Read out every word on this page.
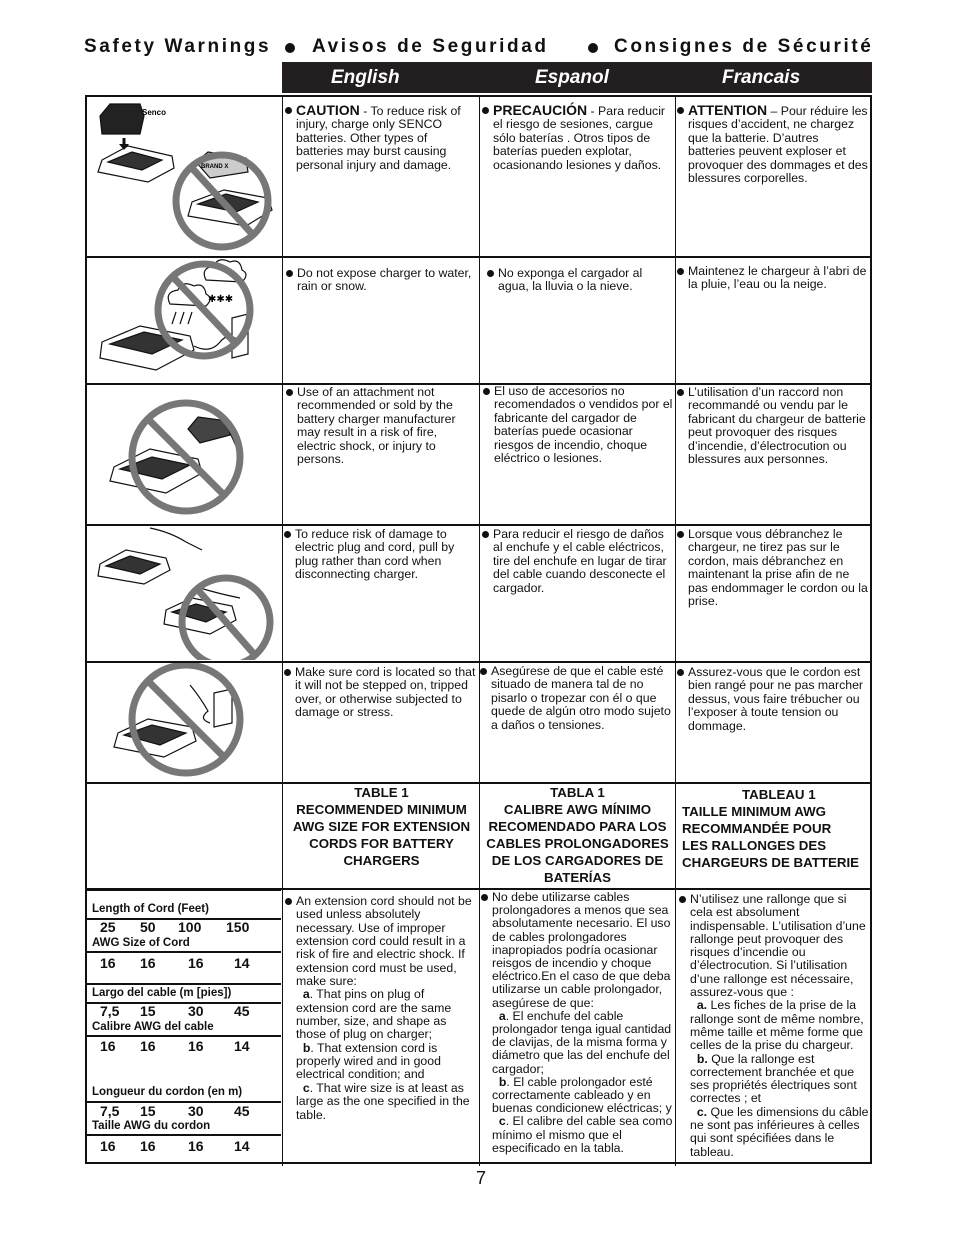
Safety Warnings Avisos de Seguridad	Consignes de Sécurité
English	Espanol	Francais
Senco
BRAND X
✱✱✱

CAUTION - To reduce risk of injury, charge only SENCO batteries. Other types of batteries may burst causing personal injury and damage.

PRECAUCIÓN - Para reducir el riesgo de sesiones, cargue sólo baterías . Otros tipos de baterías pueden explotar, ocasionando lesiones y daños.

ATTENTION – Pour réduire les risques d’accident, ne chargez que la batterie. D’autres batteries peuvent exploser et provoquer des dommages et des blessures corporelles.

Do not expose charger to water, rain or snow.

No exponga el cargador al agua, la lluvia o la nieve.

Maintenez le chargeur à l’abri de la pluie, l’eau ou la neige.

Use of an attachment not recommended or sold by the battery charger manufacturer may result in a risk of fire, electric shock, or injury to persons.

El uso de accesorios no recomendados o vendidos por el fabricante del cargador de baterías puede ocasionar riesgos de incendio, choque eléctrico o lesiones.

L’utilisation d’un raccord non recommandé ou vendu par le fabricant du chargeur de batterie peut provoquer des risques d’incendie, d’électrocution ou blessures aux personnes.

To reduce risk of damage to electric plug and cord, pull by plug rather than cord when disconnecting charger.

Para reducir el riesgo de daños al enchufe y el cable eléctricos, tire del enchufe en lugar de tirar del cable cuando desconecte el cargador.

Lorsque vous débranchez le chargeur, ne tirez pas sur le cordon, mais débranchez en maintenant la prise afin de ne pas endommager le cordon ou la prise.

Make sure cord is located so that it will not be stepped on, tripped over, or otherwise subjected to damage or stress.

Asegúrese de que el cable esté situado de manera tal de no pisarlo o tropezar con él o que quede de algún otro modo sujeto a daños o tensiones.

Assurez-vous que le cordon est bien rangé pour ne pas marcher dessus, vous faire trébucher ou l’exposer à toute tension ou dommage.

TABLE 1
RECOMMENDED MINIMUM
AWG SIZE FOR EXTENSION
CORDS FOR BATTERY
CHARGERS
TABLA 1
CALIBRE AWG MÍNIMO
RECOMENDADO PARA LOS
CABLES PROLONGADORES
DE LOS CARGADORES DE
BATERÍAS
TABLEAU 1
TAILLE MINIMUM AWG
RECOMMANDÉE POUR
LES RALLONGES DES
CHARGEURS DE BATTERIE
Length of Cord (Feet)
25 50 100 150
AWG Size of Cord
16 16 16 14
Largo del cable (m [pies])
7,5 15 30 45
Calibre AWG del cable
16 16 16 14
Longueur du cordon (en m)
7,5 15 30 45
Taille AWG du cordon
16 16 16 14

An extension cord should not be used unless absolutely necessary. Use of improper extension cord could result in a risk of fire and electric shock. If extension cord must be used, make sure:
a. That pins on plug of extension cord are the same number, size, and shape as those of plug on charger;
b. That extension cord is properly wired and in good electrical condition; and
c. That wire size is at least as large as the one specified in the table.

No debe utilizarse cables prolongadores a menos que sea absolutamente necesario. El uso de cables prolongadores inapropiados podría ocasionar reisgos de incendio y choque eléctrico.En el caso de que deba utilizarse un cable prolongador, asegúrese de que:
a. El enchufe del cable prolongador tenga igual cantidad de clavijas, de la misma forma y diámetro que las del enchufe del cargador;
b. El cable prolongador esté correctamente cableado y en buenas condicionew eléctricas; y
c. El calibre del cable sea como mínimo el mismo que el especificado en la tabla.

N’utilisez une rallonge que si cela est absolument indispensable. L’utilisation d’une rallonge peut provoquer des risques d’incendie ou d’électrocution. Si l’utilisation d’une rallonge est nécessaire, assurez-vous que :
a. Les fiches de la prise de la rallonge sont de même nombre, même taille et même forme que celles de la prise du chargeur.
b. Que la rallonge est correctement branchée et que ses propriétés électriques sont correctes ; et
c. Que les dimensions du câble ne sont pas inférieures à celles qui sont spécifiées dans le tableau.

7
